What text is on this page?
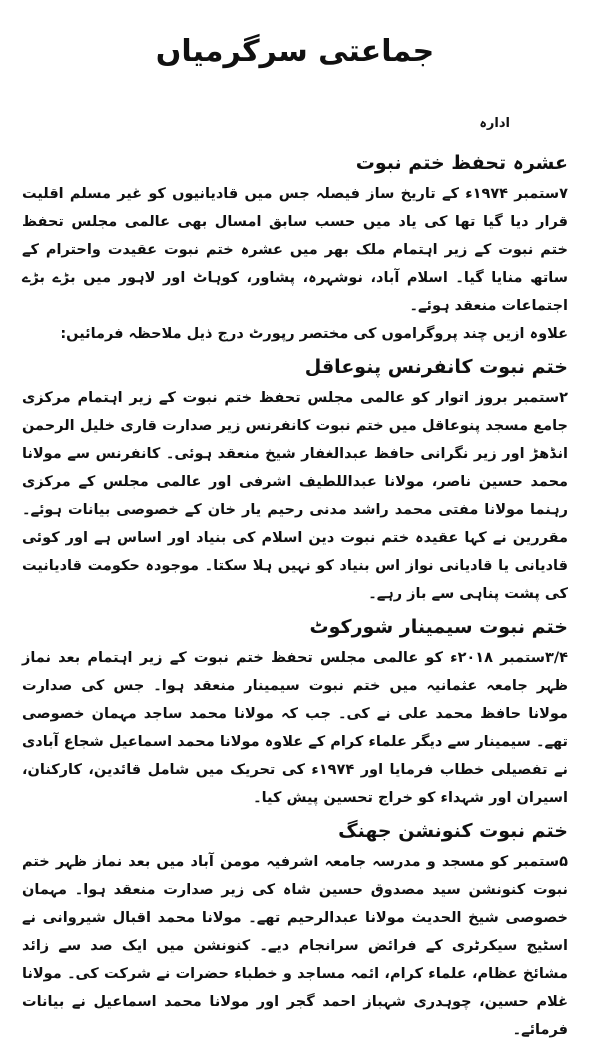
جماعتی سرگرمیاں
ادارہ
عشرہ تحفظ ختم نبوت

۷ستمبر ۱۹۷۴ء کے تاریخ ساز فیصلہ جس میں قادیانیوں کو غیر مسلم اقلیت قرار دیا گیا تھا کی یاد میں حسب سابق امسال بھی عالمی مجلس تحفظ ختم نبوت کے زیر اہتمام ملک بھر میں عشرہ ختم نبوت عقیدت واحترام کے ساتھ منایا گیا۔ اسلام آباد، نوشہرہ، پشاور، کوہاٹ اور لاہور میں بڑے بڑے اجتماعات منعقد ہوئے۔

علاوہ ازیں چند پروگراموں کی مختصر رپورٹ درج ذیل ملاحظہ فرمائیں:

ختم نبوت کانفرنس پنوعاقل

۲ستمبر بروز اتوار کو عالمی مجلس تحفظ ختم نبوت کے زیر اہتمام مرکزی جامع مسجد پنوعاقل میں ختم نبوت کانفرنس زیر صدارت قاری خلیل الرحمن انڈھڑ اور زیر نگرانی حافظ عبدالغفار شیخ منعقد ہوئی۔ کانفرنس سے مولانا محمد حسین ناصر، مولانا عبداللطیف اشرفی اور عالمی مجلس کے مرکزی رہنما مولانا مفتی محمد راشد مدنی رحیم یار خان کے خصوصی بیانات ہوئے۔ مقررین نے کہا عقیدہ ختم نبوت دین اسلام کی بنیاد اور اساس ہے اور کوئی قادیانی یا قادیانی نواز اس بنیاد کو نہیں ہلا سکتا۔ موجودہ حکومت قادیانیت کی پشت پناہی سے باز رہے۔

ختم نبوت سیمینار شورکوٹ

۳/۴ستمبر ۲۰۱۸ء کو عالمی مجلس تحفظ ختم نبوت کے زیر اہتمام بعد نماز ظہر جامعہ عثمانیہ میں ختم نبوت سیمینار منعقد ہوا۔ جس کی صدارت مولانا حافظ محمد علی نے کی۔ جب کہ مولانا محمد ساجد مہمان خصوصی تھے۔ سیمینار سے دیگر علماء کرام کے علاوہ مولانا محمد اسماعیل شجاع آبادی نے تفصیلی خطاب فرمایا اور ۱۹۷۴ء کی تحریک میں شامل قائدین، کارکنان، اسیران اور شہداء کو خراج تحسین پیش کیا۔

ختم نبوت کنونشن جھنگ

۵ستمبر کو مسجد و مدرسہ جامعہ اشرفیہ مومن آباد میں بعد نماز ظہر ختم نبوت کنونشن سید مصدوق حسین شاہ کی زیر صدارت منعقد ہوا۔ مہمان خصوصی شیخ الحدیث مولانا عبدالرحیم تھے۔ مولانا محمد اقبال شیروانی نے اسٹیج سیکرٹری کے فرائض سرانجام دیے۔ کنونشن میں ایک صد سے زائد مشائخ عظام، علماء کرام، ائمہ مساجد و خطباء حضرات نے شرکت کی۔ مولانا غلام حسین، چوہدری شہباز احمد گجر اور مولانا محمد اسماعیل نے بیانات فرمائے۔
